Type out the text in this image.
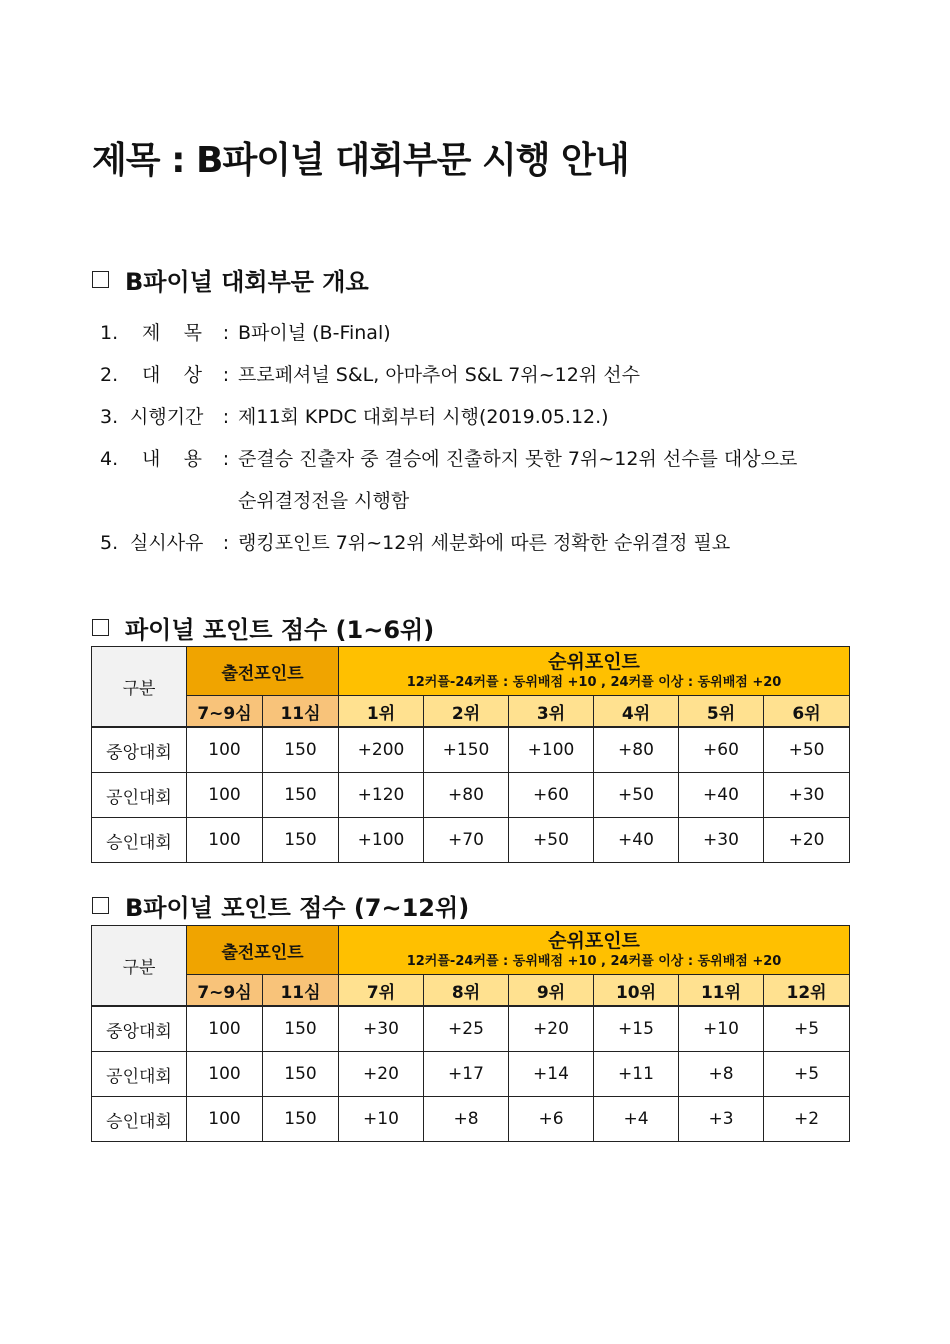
제목 : B파이널 대회부문 시행 안내
B파이널 대회부문 개요
1.	제 목	: B파이널 (B-Final)
2.	대 상	: 프로페셔널 S&L, 아마추어 S&L 7위~12위 선수
3. 시행기간	: 제11회 KPDC 대회부터 시행(2019.05.12.)
4.	내 용	: 준결승 진출자 중 결승에 진출하지 못한 7위~12위 선수를 대상으로
순위결정전을 시행함
5. 실시사유	: 랭킹포인트 7위~12위 세분화에 따른 정확한 순위결정 필요
파이널 포인트 점수 (1~6위)
구분	출전포인트		순위포인트
12커플-24커플 : 동위배점 +10 , 24커플 이상 : 동위배점 +20					

	7~9심	11심	1위	2위	3위	4위	5위	6위
중앙대회	100	150	+200	+150	+100	+80	+60	+50
공인대회	100	150	+120	+80	+60	+50	+40	+30
승인대회	100	150	+100	+70	+50	+40	+30	+20
B파이널 포인트 점수 (7~12위)
구분	출전포인트		순위포인트
12커플-24커플 : 동위배점 +10 , 24커플 이상 : 동위배점 +20					

	7~9심	11심	7위	8위	9위	10위	11위	12위
중앙대회	100	150	+30	+25	+20	+15	+10	+5
공인대회	100	150	+20	+17	+14	+11	+8	+5
승인대회	100	150	+10	+8	+6	+4	+3	+2
